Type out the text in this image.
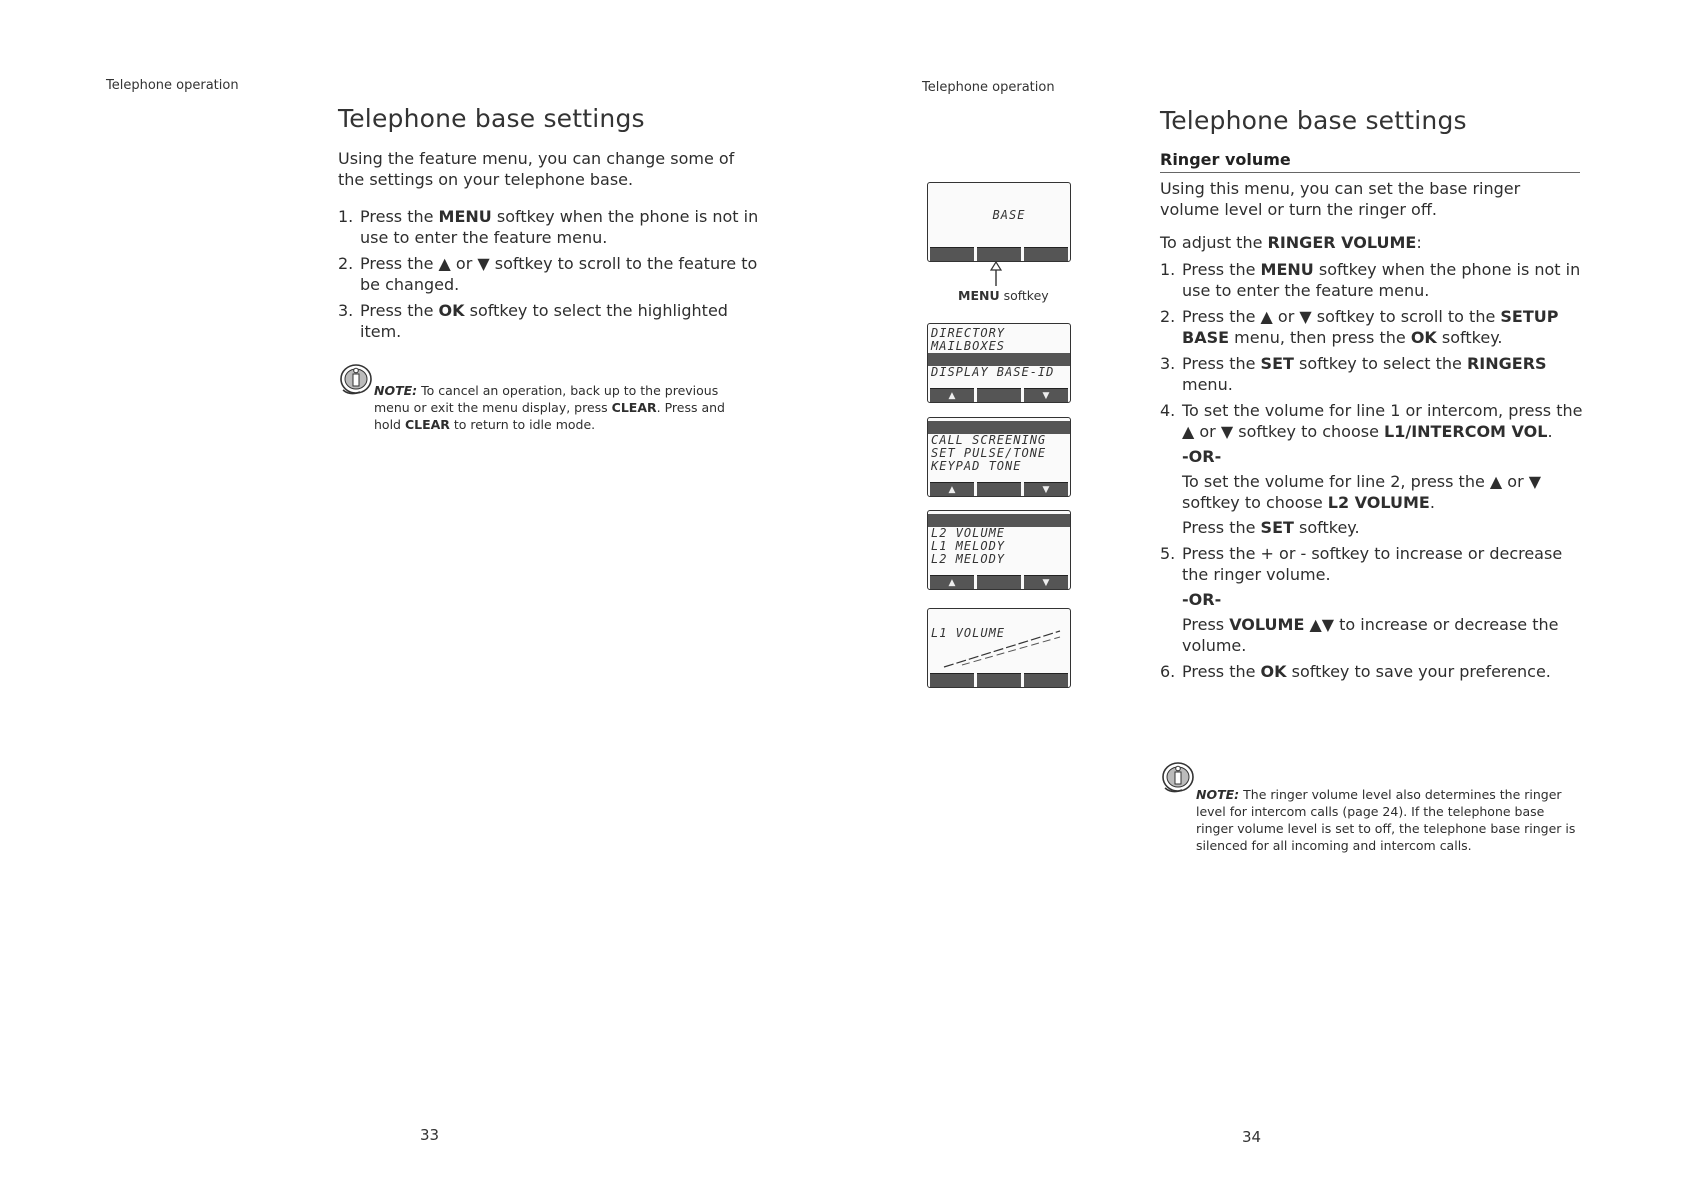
Telephone operation
Telephone base settings
Using the feature menu, you can change some of the settings on your telephone base.
1. Press the MENU softkey when the phone is not in use to enter the feature menu.
2. Press the ▲ or ▼ softkey to scroll to the feature to be changed.
3. Press the OK softkey to select the highlighted item.
NOTE: To cancel an operation, back up to the previous menu or exit the menu display, press CLEAR. Press and hold CLEAR to return to idle mode.
33
Telephone operation
BASE
MENU softkey
DIRECTORY
MAILBOXES
DISPLAY BASE-ID
▲	▼
CALL SCREENING
SET PULSE/TONE
KEYPAD TONE
▲	▼
L2 VOLUME
L1 MELODY
L2 MELODY
▲	▼
L1 VOLUME
Telephone base settings
Ringer volume
Using this menu, you can set the base ringer volume level or turn the ringer off.
To adjust the RINGER VOLUME:
1. Press the MENU softkey when the phone is not in use to enter the feature menu.
2. Press the ▲ or ▼ softkey to scroll to the SETUP BASE menu, then press the OK softkey.
3. Press the SET softkey to select the RINGERS menu.
4. To set the volume for line 1 or intercom, press the ▲ or ▼ softkey to choose L1/INTERCOM VOL.
-OR-
To set the volume for line 2, press the ▲ or ▼ softkey to choose L2 VOLUME.
Press the SET softkey.
5. Press the + or - softkey to increase or decrease the ringer volume.
-OR-
Press VOLUME ▲▼ to increase or decrease the volume.
6. Press the OK softkey to save your preference.
NOTE: The ringer volume level also determines the ringer level for intercom calls (page 24). If the telephone base ringer volume level is set to off, the telephone base ringer is silenced for all incoming and intercom calls.
34
